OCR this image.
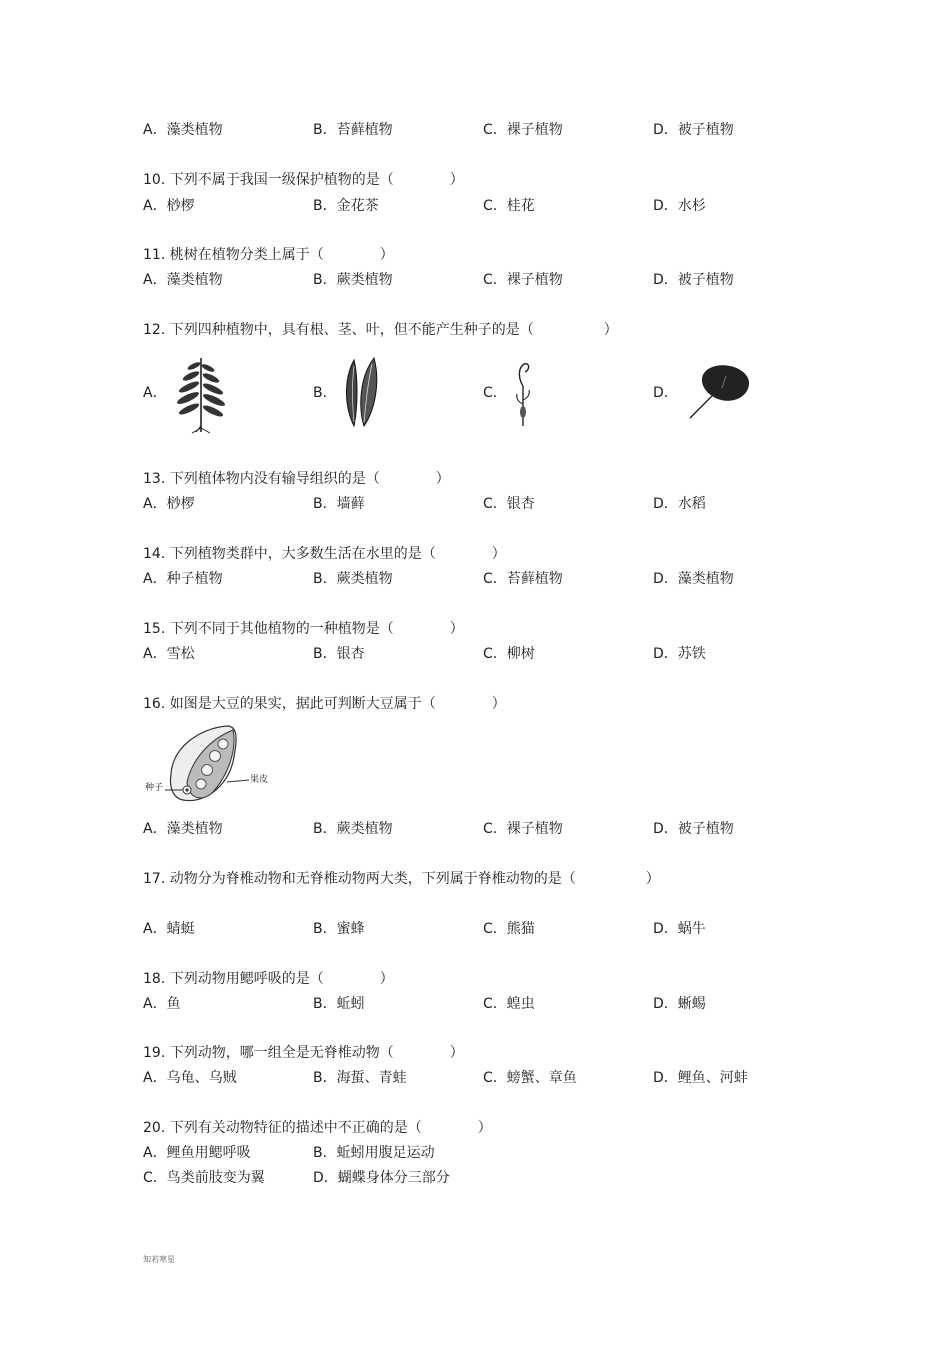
A．藻类植物	B．苔藓植物	C．裸子植物	D．被子植物
10. 下列不属于我国一级保护植物的是（　　　　）
A．桫椤	B．金花茶	C．桂花	D．水杉
11. 桃树在植物分类上属于（　　　　）
A．藻类植物	B．蕨类植物	C．裸子植物	D．被子植物
12. 下列四种植物中，具有根、茎、叶，但不能产生种子的是（　　　　　）
A．	B．	C．	D．
13. 下列植体物内没有输导组织的是（　　　　）
A．桫椤	B．墙藓	C．银杏	D．水稻
14. 下列植物类群中，大多数生活在水里的是（　　　　）
A．种子植物	B．蕨类植物	C．苔藓植物	D．藻类植物
15. 下列不同于其他植物的一种植物是（　　　　）
A．雪松	B．银杏	C．柳树	D．苏铁
16. 如图是大豆的果实，据此可判断大豆属于（　　　　）
种子
果皮
A．藻类植物	B．蕨类植物	C．裸子植物	D．被子植物
17. 动物分为脊椎动物和无脊椎动物两大类，下列属于脊椎动物的是（　　　　　）
A．蜻蜓	B．蜜蜂	C．熊猫	D．蜗牛
18. 下列动物用鳃呼吸的是（　　　　）
A．鱼	B．蚯蚓	C．蝗虫	D．蜥蜴
19. 下列动物，哪一组全是无脊椎动物（　　　　）
A．乌龟、乌贼	B．海蜇、青蛙	C．螃蟹、章鱼	D．鲤鱼、河蚌
20. 下列有关动物特征的描述中不正确的是（　　　　）
A．鲤鱼用鳃呼吸	B．蚯蚓用腹足运动
C．鸟类前肢变为翼	D．蝴蝶身体分三部分
知若寒星
